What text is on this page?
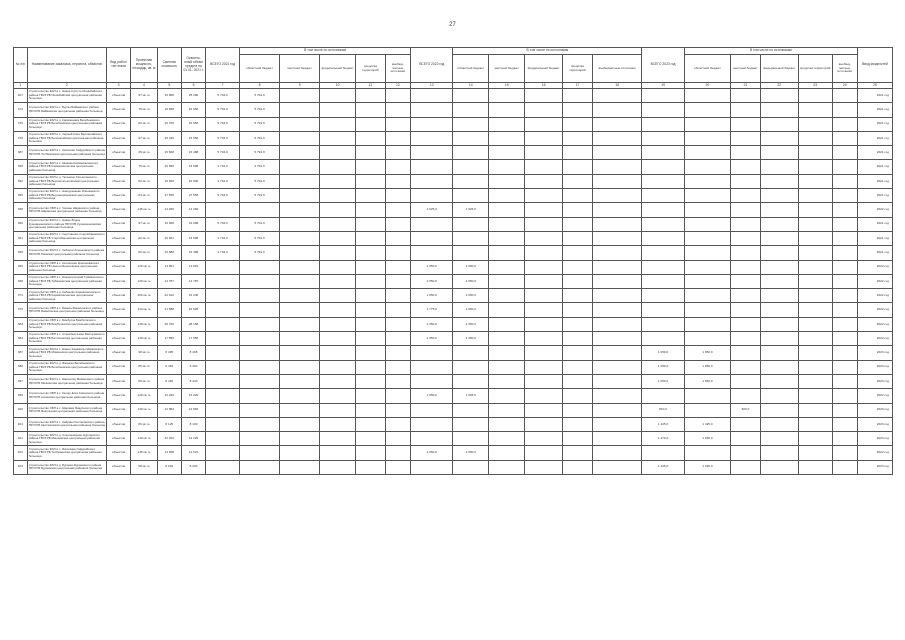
27
№ п/п	Наименование заказчика, персекта, объектов	Вид работ/ тип этапа	Проектная мощность, площадь, кв. м	Сметная стоимость	Освоено-нный объем средств на 01.01. 2021 г.	ВСЕГО 2021 год	В том числе по источникам					ВСЕГО 2022 год	В том числе по источникам					ВСЕГО 2023 год	В том числе по источникам					Ввод мощностей
							областной бюджет	местный бюджет	федеральный бюджет	средства территорий	внебюд-жетные источники		областной бюджет	местный бюджет	федеральный бюджет	средства территорий	внебюджетные источники		областной бюджет	местный бюджет	федеральный бюджет	средства территорий	внебюд-жетные источники	
1	2	3	4	5	6	7	8	9	10	11	12	13	14	15	16	17	18	19	20	21	22	23	24	25
407	Строительство ФАП в с. Новая Сургуте Ишимбайского района ГБУЗ РБ Ишимбайская центральная районная больница	объектов	97 кв. м	15 808	25 280	5 794,0	5 794,0																	2021 год
374	Строительство ФАП в с. Бурлы Баймакского района ГБУЗ РБ Баймакская центральная районная больница	объектов	75 кв. м	10 658	15 650	5 794,0	5 794,0																	2021 год
375	Строительство ФАП в д. Кармашевка Белебеевского района ГБУЗ РБ Белебеевская центральная районная больница	объектов	82 кв. м	15 700	15 550	5 794,0	5 794,0																	2021 год
376	Строительство ФАП в с. Черный Ключ Белокатайского района ГБУЗ РБ Белокатайская центральная районная больница	объектов	97 кв. м	15 440	15 550	5 794,0	5 794,0																	2021 год
387	Строительство ФАП в с. Салихово Гафурийского района ГБУЗ РБ Толбазинская центральная районная больница	объектов	65 кв. м	15 828	15 488	5 794,0	5 794,0																	2021 год
390	Строительство ФАП в с. Казанка Кармаскалинского района ГБУЗ РБ Кармаскалинская центральная районная больница	объектов	75 кв. м	15 596	15 608	4 794,0	4 794,0																	2021 год
392	Строительство ФАП в д. Тюлькино Татышлинского района ГБУЗ РБ Верхнетатышлинская центральная районная больница	объектов	82 кв. м	15 900	15 600	4 794,0	5 794,0																	2021 год
395	Строительство ФАП в с. Новоуразаево Илишевского района ГБУЗ РБ Верхнеяркеевская центральная районная больница	объектов	84 кв. м	27 555	27 555	5 794,0	5 794,0																	2021 год
358	Строительство ОВП в с. Чишмы Шаранского района ГБУЗ РБ Шаранская центральная районная больница	объектов	145 кв. м	14 260	14 260							1 625,0	1 625,0											2022 год
360	Строительство ФАП в с. Новые Бурлы Кушнаренковского района ГБУЗ РБ Кушнаренковская центральная районная больница	объектов	97 кв. м	15 608	15 608	5 794,0	5 794,0																	2021 год
361	Строительство ФАП в с. Сыртланово Стерлибашевского района ГБУЗ РБ Стерлибашевская центральная районная больница	объектов	82 кв. м	15 601	15 608	4 794,0	5 794,0																	2021 год
365	Строительство ФАП в с. Чебенли Альшеевского района ГБУЗ РБ Раевская центральная районная больница	объектов	82 кв. м	15 588	15 488	4 794,0	5 794,0																	2021 год
366	Строительство ОВП в с. Кизгинская Краснокамского района ГБУЗ РБ Николо-Березовская центральная районная больница	объектов	120 кв. м	14 801	14 801							2 050,0	2 050,0											2022 год
368	Строительство ОВП в с. Нижнетроицкий Туймазинского района ГБУЗ РБ Туймазинская центральная районная больница	объектов	120 кв. м	14 787	14 787							2 050,0	2 050,0											2022 год
371	Строительство ОВП в д. Кабаково Кармаскалинского района ГБУЗ РБ Кармаскалинская центральная районная больница	объектов	200 кв. м	22 610	15 248							1 650,0	2 050,0											2022 год
376	Строительство ОВП в с. Бакалы Бакалинского района ГБУЗ РБ Бакалинская центральная районная больница	объектов	144 кв. м	21 588	15 928							1 775,0	2 050,0											2022 год
383	Строительство ОВП в с. Бижбуляк Бижбулякского района ГБУЗ РБ Бижбулякская центральная районная больница	объектов	148 кв. м	28 700	28 168							2 350,0	2 350,0											2022 год
384	Строительство ОВП в с. Старобалтачево Балтачевского района ГБУЗ РБ Балтачевская центральная районная больница	объектов	148 кв. м	17 550	17 550							2 350,0	2 350,0											2022 год
387	Строительство ФАП в с. Новые Карамалы Миякинского района ГБУЗ РБ Миякинская центральная районная больница	объектов	98 кв. м	8 495	8 495													1 050,0	1 050,0					2023 год
388	Строительство ФАП в д. Ямансаз Белебеевского района ГБУЗ РБ Белебеевская центральная районная больница	объектов	85 кв. м	8 494	8 494													1 050,0	1 050,0					2023 год
397	Строительство ФАП в с. Нарыштау Миякинского района ГБУЗ РБ Миякинская центральная районная больница	объектов	80 кв. м	8 440	8 440													1 050,0	1 050,0					2023 год
399	Строительство ОВП в с. Кшлау-Елга Аскинского района ГБУЗ РБ Аскинская центральная районная больница	объектов	120 кв. м	12 220	12 220							1 650,0	1 625,0											2022 год
400	Строительство ОВП в с. Шаровка Янаульского района ГБУЗ РБ Янаульская центральная районная больница	объектов	140 кв. м	12 884	12 884													810,0		820,0				2023 год
401	Строительство ФАП в с. Сайрано Калтасинского района ГБУЗ РБ Калтасинская центральная районная больница	объектов	80 кв. м	8 125	8 100													1 425,0	1 425,0					2023 год
401	Строительство ФАП в д. Староаширово Нурлинского района ГБУЗ РБ Мишкинская центральная районная больница	объектов	140 кв. м	12 200	12 226													1 470,0	1 450,0					2023 год
402	Строительство ФАП в с. Янгискаин Гафурийского района ГБУЗ РБ Толбазинская центральная районная больница	объектов	145 кв. м	14 508	14 521							2 050,0	2 050,0											2022 год
403	Строительство ФАП в д. Бураево Бураевского района ГБУЗ РБ Бураевская центральная районная больница	объектов	58 кв. м	8 204	8 204													1 425,0	1 425,0					2023 год
